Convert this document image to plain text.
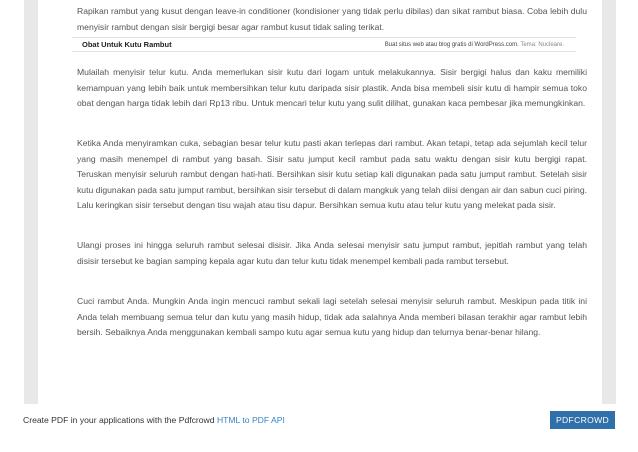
Rapikan rambut yang kusut dengan leave-in conditioner (kondisioner yang tidak perlu dibilas) dan sikat rambut biasa. Coba lebih dulu menyisir rambut dengan sisir bergigi besar agar rambut kusut tidak saling terikat.

Obat Untuk Kutu Rambut	Buat situs web atau blog gratis di WordPress.com. Tema: Nucleare.

Mulailah menyisir telur kutu. Anda memerlukan sisir kutu dari logam untuk melakukannya. Sisir bergigi halus dan kaku memiliki kemampuan yang lebih baik untuk membersihkan telur kutu daripada sisir plastik. Anda bisa membeli sisir kutu di hampir semua toko obat dengan harga tidak lebih dari Rp13 ribu. Untuk mencari telur kutu yang sulit dilihat, gunakan kaca pembesar jika memungkinkan.

Ketika Anda menyiramkan cuka, sebagian besar telur kutu pasti akan terlepas dari rambut. Akan tetapi, tetap ada sejumlah kecil telur yang masih menempel di rambut yang basah. Sisir satu jumput kecil rambut pada satu waktu dengan sisir kutu bergigi rapat. Teruskan menyisir seluruh rambut dengan hati-hati. Bersihkan sisir kutu setiap kali digunakan pada satu jumput rambut. Setelah sisir kutu digunakan pada satu jumput rambut, bersihkan sisir tersebut di dalam mangkuk yang telah diisi dengan air dan sabun cuci piring. Lalu keringkan sisir tersebut dengan tisu wajah atau tisu dapur. Bersihkan semua kutu atau telur kutu yang melekat pada sisir.

Ulangi proses ini hingga seluruh rambut selesai disisir. Jika Anda selesai menyisir satu jumput rambut, jepitlah rambut yang telah disisir tersebut ke bagian samping kepala agar kutu dan telur kutu tidak menempel kembali pada rambut tersebut.

Cuci rambut Anda. Mungkin Anda ingin mencuci rambut sekali lagi setelah selesai menyisir seluruh rambut. Meskipun pada titik ini Anda telah membuang semua telur dan kutu yang masih hidup, tidak ada salahnya Anda memberi bilasan terakhir agar rambut lebih bersih. Sebaiknya Anda menggunakan kembali sampo kutu agar semua kutu yang hidup dan telurnya benar-benar hilang.

Create PDF in your applications with the Pdfcrowd HTML to PDF API	PDFCROWD
